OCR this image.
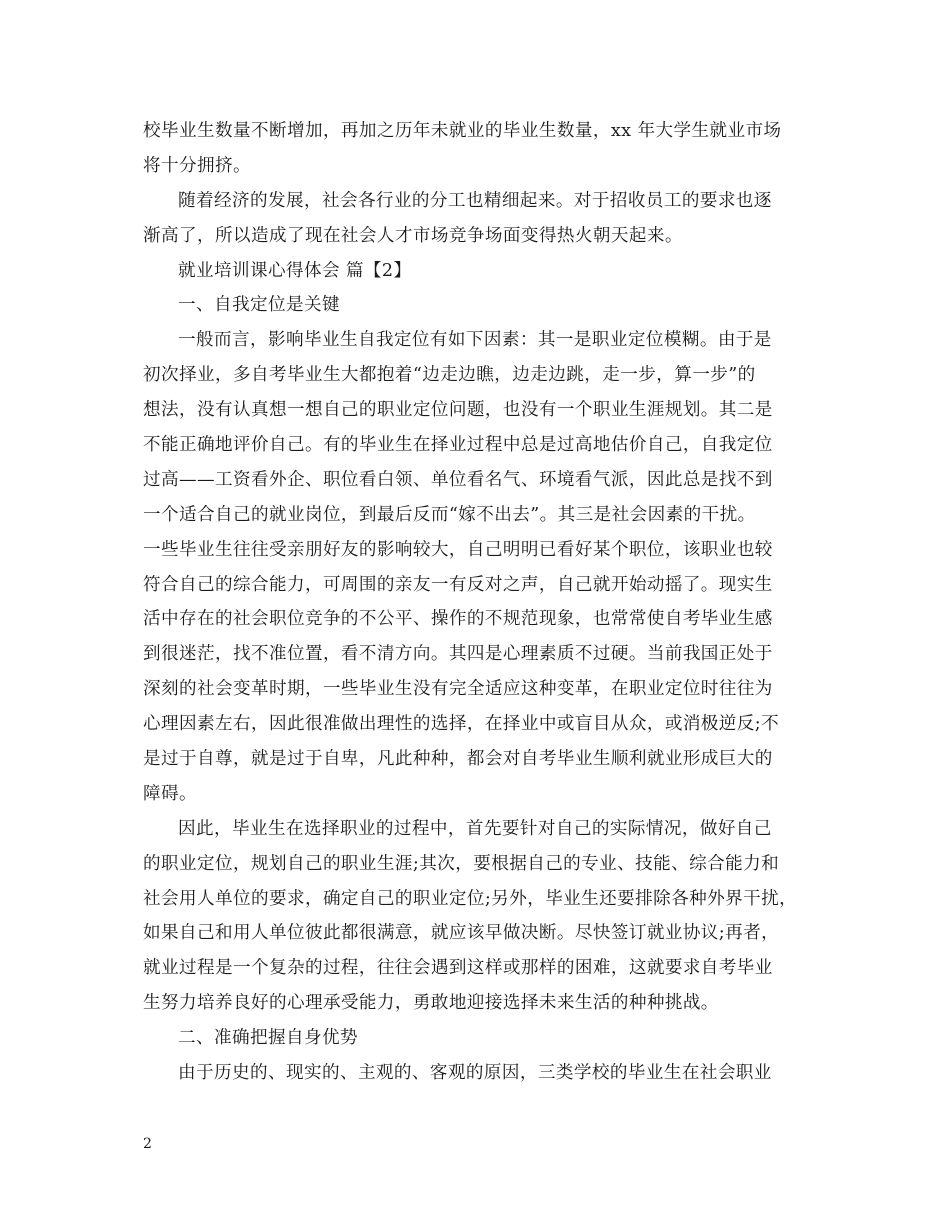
校毕业生数量不断增加，再加之历年未就业的毕业生数量，xx 年大学生就业市场
将十分拥挤。
随着经济的发展，社会各行业的分工也精细起来。对于招收员工的要求也逐
渐高了，所以造成了现在社会人才市场竞争场面变得热火朝天起来。
就业培训课心得体会 篇【2】
一、自我定位是关键
一般而言，影响毕业生自我定位有如下因素：其一是职业定位模糊。由于是
初次择业，多自考毕业生大都抱着“边走边瞧，边走边跳，走一步，算一步”的
想法，没有认真想一想自己的职业定位问题，也没有一个职业生涯规划。其二是
不能正确地评价自己。有的毕业生在择业过程中总是过高地估价自己，自我定位
过高——工资看外企、职位看白领、单位看名气、环境看气派，因此总是找不到
一个适合自己的就业岗位，到最后反而“嫁不出去”。其三是社会因素的干扰。
一些毕业生往往受亲朋好友的影响较大，自己明明已看好某个职位，该职业也较
符合自己的综合能力，可周围的亲友一有反对之声，自己就开始动摇了。现实生
活中存在的社会职位竞争的不公平、操作的不规范现象，也常常使自考毕业生感
到很迷茫，找不准位置，看不清方向。其四是心理素质不过硬。当前我国正处于
深刻的社会变革时期，一些毕业生没有完全适应这种变革，在职业定位时往往为
心理因素左右，因此很准做出理性的选择，在择业中或盲目从众，或消极逆反;不
是过于自尊，就是过于自卑，凡此种种，都会对自考毕业生顺利就业形成巨大的
障碍。
因此，毕业生在选择职业的过程中，首先要针对自己的实际情况，做好自己
的职业定位，规划自己的职业生涯;其次，要根据自己的专业、技能、综合能力和
社会用人单位的要求，确定自己的职业定位;另外，毕业生还要排除各种外界干扰，
如果自己和用人单位彼此都很满意，就应该早做决断。尽快签订就业协议;再者，
就业过程是一个复杂的过程，往往会遇到这样或那样的困难，这就要求自考毕业
生努力培养良好的心理承受能力，勇敢地迎接选择未来生活的种种挑战。
二、准确把握自身优势
由于历史的、现实的、主观的、客观的原因，三类学校的毕业生在社会职业
2
